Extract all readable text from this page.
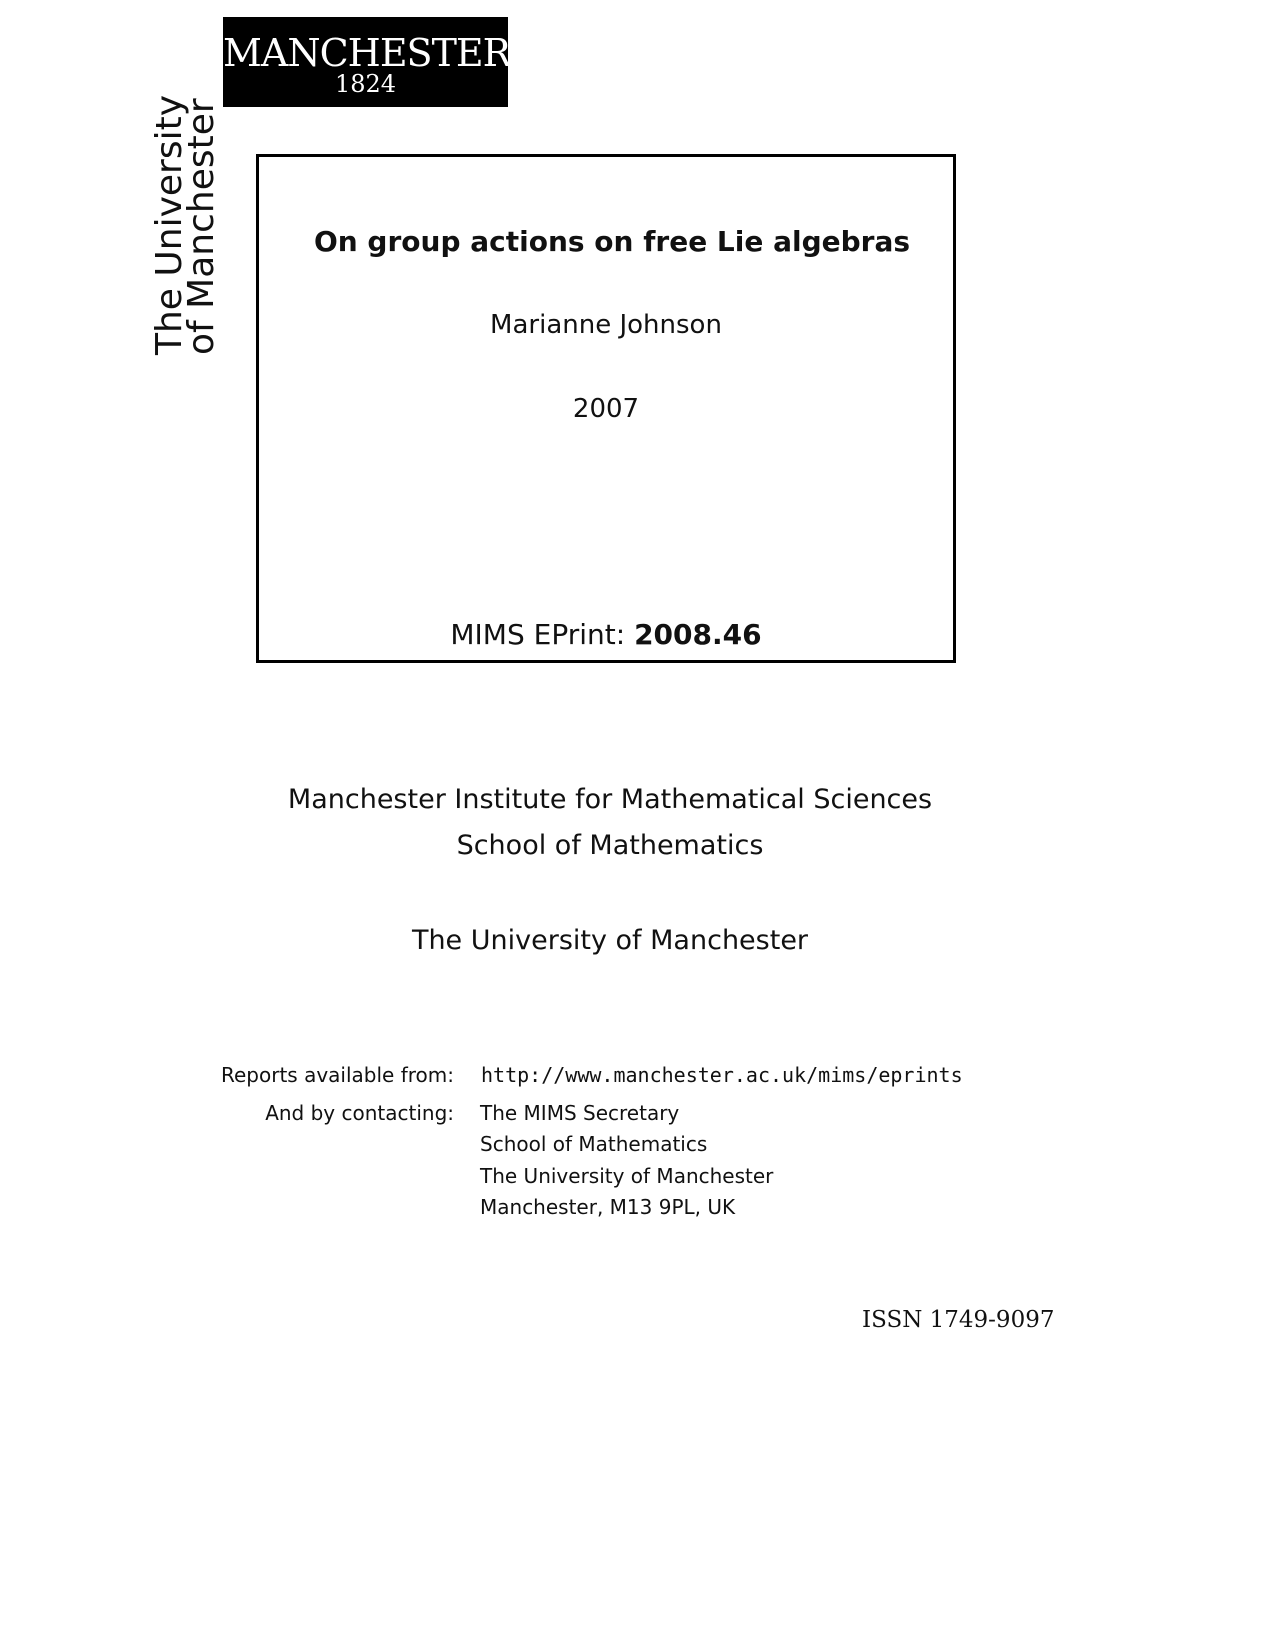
MANCHESTER
1824
The University
of Manchester	On group actions on free Lie algebras
Marianne Johnson
2007
MIMS EPrint: 2008.46
Manchester Institute for Mathematical Sciences
School of Mathematics
The University of Manchester
Reports available from: http://www.manchester.ac.uk/mims/eprints
And by contacting: The MIMS Secretary
School of Mathematics
The University of Manchester
Manchester, M13 9PL, UK
ISSN 1749-9097
